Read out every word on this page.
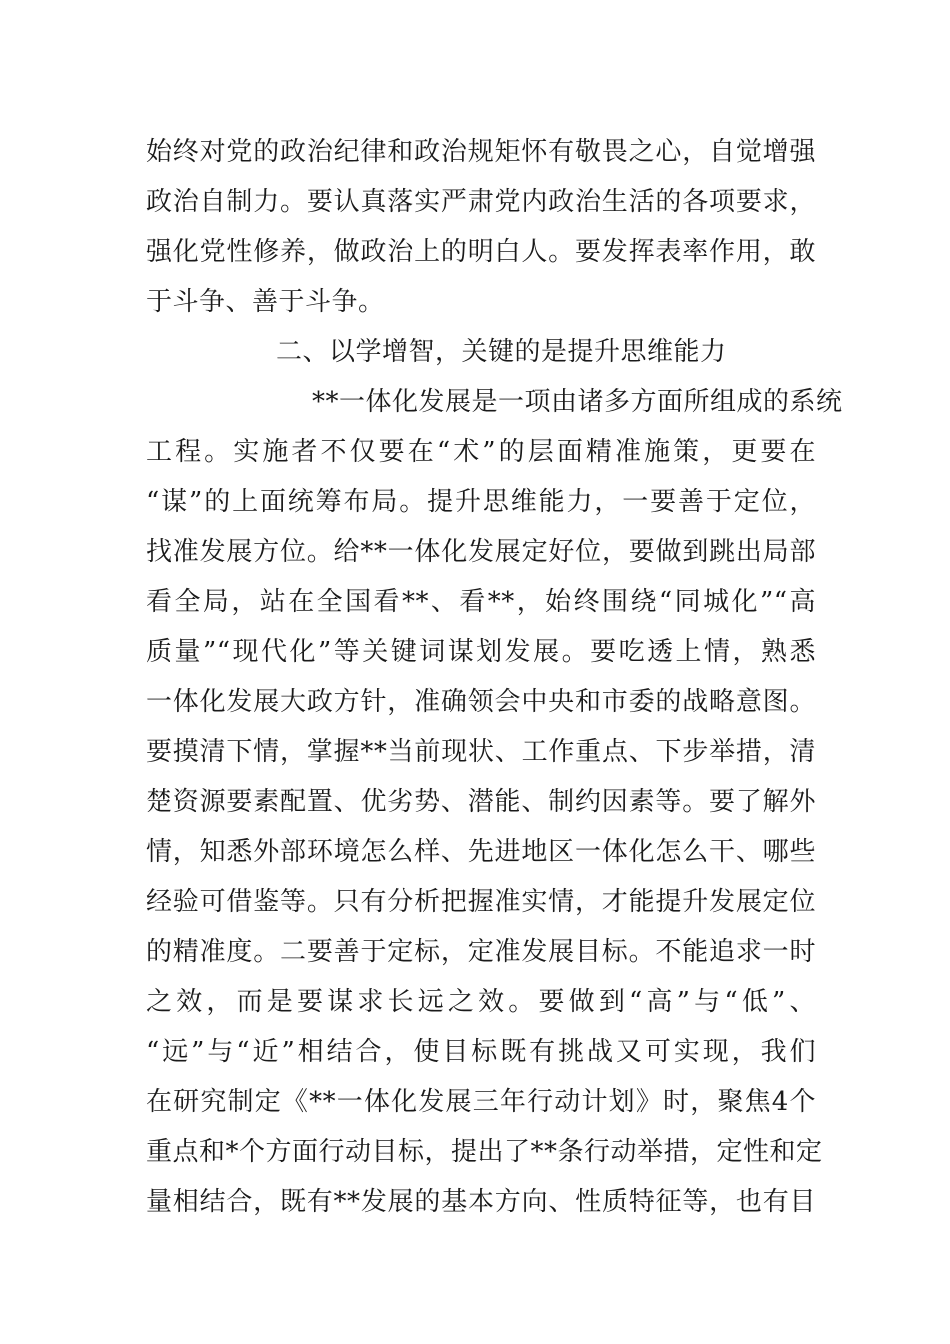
始终对党的政治纪律和政治规矩怀有敬畏之心，自觉增强
政治自制力。要认真落实严肃党内政治生活的各项要求，
强化党性修养，做政治上的明白人。要发挥表率作用，敢
于斗争、善于斗争。
二、以学增智，关键的是提升思维能力
**一体化发展是一项由诸多方面所组成的系统
工程。实施者不仅要在“术”的层面精准施策，更要在
“谋”的上面统筹布局。提升思维能力，一要善于定位，
找准发展方位。给**一体化发展定好位，要做到跳出局部
看全局，站在全国看**、看**，始终围绕“同城化”“高
质量”“现代化”等关键词谋划发展。要吃透上情，熟悉
一体化发展大政方针，准确领会中央和市委的战略意图。
要摸清下情，掌握**当前现状、工作重点、下步举措，清
楚资源要素配置、优劣势、潜能、制约因素等。要了解外
情，知悉外部环境怎么样、先进地区一体化怎么干、哪些
经验可借鉴等。只有分析把握准实情，才能提升发展定位
的精准度。二要善于定标，定准发展目标。不能追求一时
之效，而是要谋求长远之效。要做到“高”与“低”、
“远”与“近”相结合，使目标既有挑战又可实现，我们
在研究制定《**一体化发展三年行动计划》时，聚焦4个
重点和*个方面行动目标，提出了**条行动举措，定性和定
量相结合，既有**发展的基本方向、性质特征等，也有目
